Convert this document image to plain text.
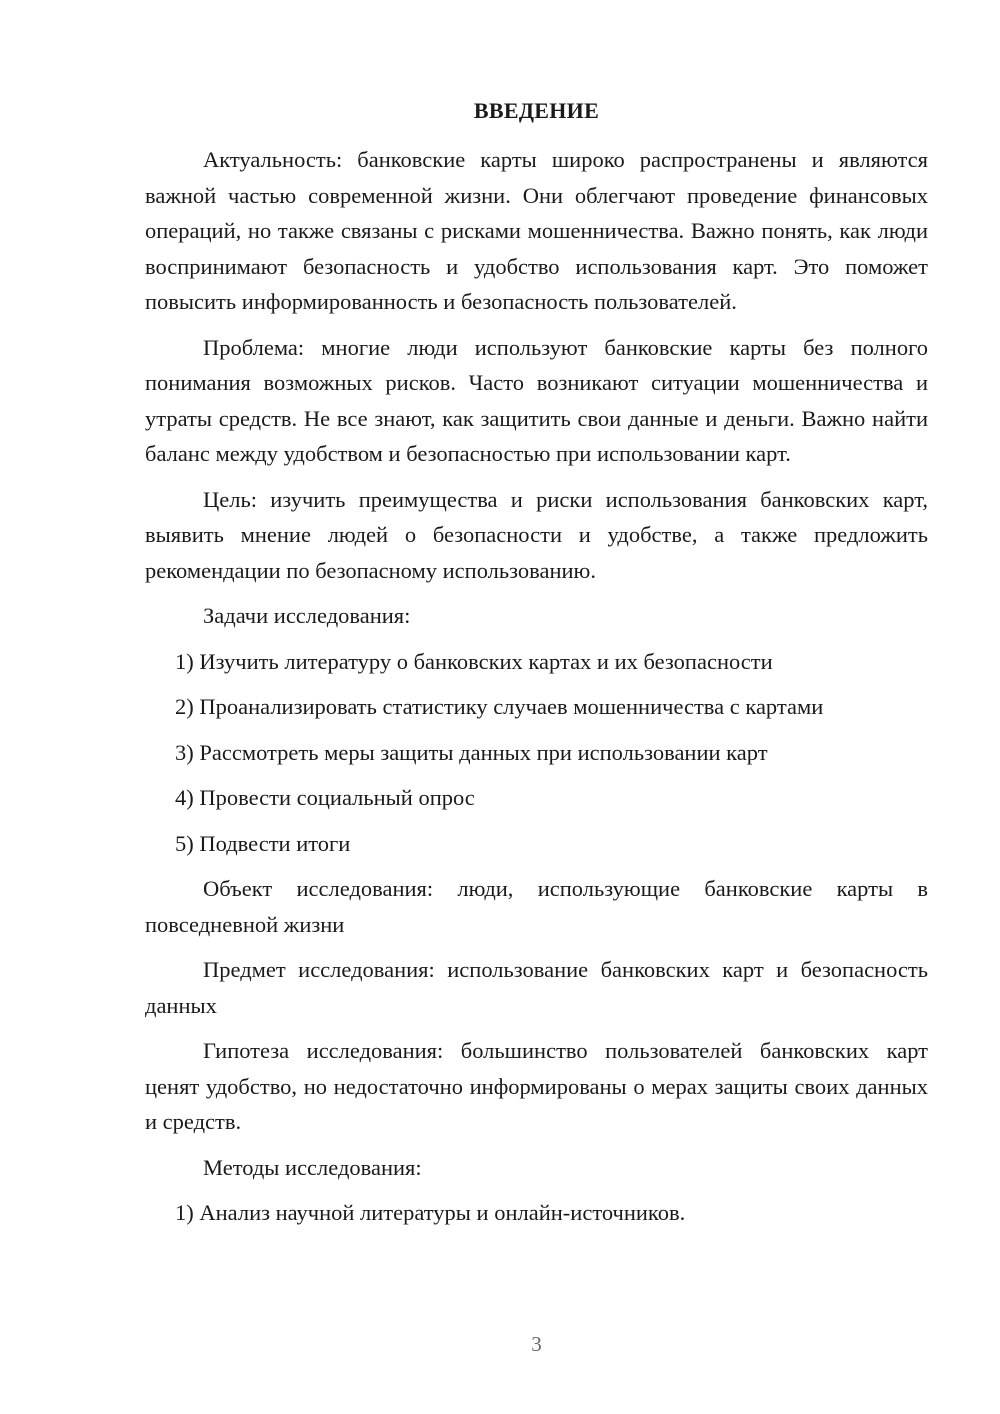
ВВЕДЕНИЕ

Актуальность: банковские карты широко распространены и являются важной частью современной жизни. Они облегчают проведение финансовых операций, но также связаны с рисками мошенничества. Важно понять, как люди воспринимают безопасность и удобство использования карт. Это поможет повысить информированность и безопасность пользователей.

Проблема: многие люди используют банковские карты без полного понимания возможных рисков. Часто возникают ситуации мошенничества и утраты средств. Не все знают, как защитить свои данные и деньги. Важно найти баланс между удобством и безопасностью при использовании карт.

Цель: изучить преимущества и риски использования банковских карт, выявить мнение людей о безопасности и удобстве, а также предложить рекомендации по безопасному использованию.

Задачи исследования:

1) Изучить литературу о банковских картах и их безопасности
2) Проанализировать статистику случаев мошенничества с картами
3) Рассмотреть меры защиты данных при использовании карт
4) Провести социальный опрос
5) Подвести итоги

Объект исследования: люди, использующие банковские карты в повседневной жизни

Предмет исследования: использование банковских карт и безопасность данных

Гипотеза исследования: большинство пользователей банковских карт ценят удобство, но недостаточно информированы о мерах защиты своих данных и средств.

Методы исследования:

1) Анализ научной литературы и онлайн-источников.
3
